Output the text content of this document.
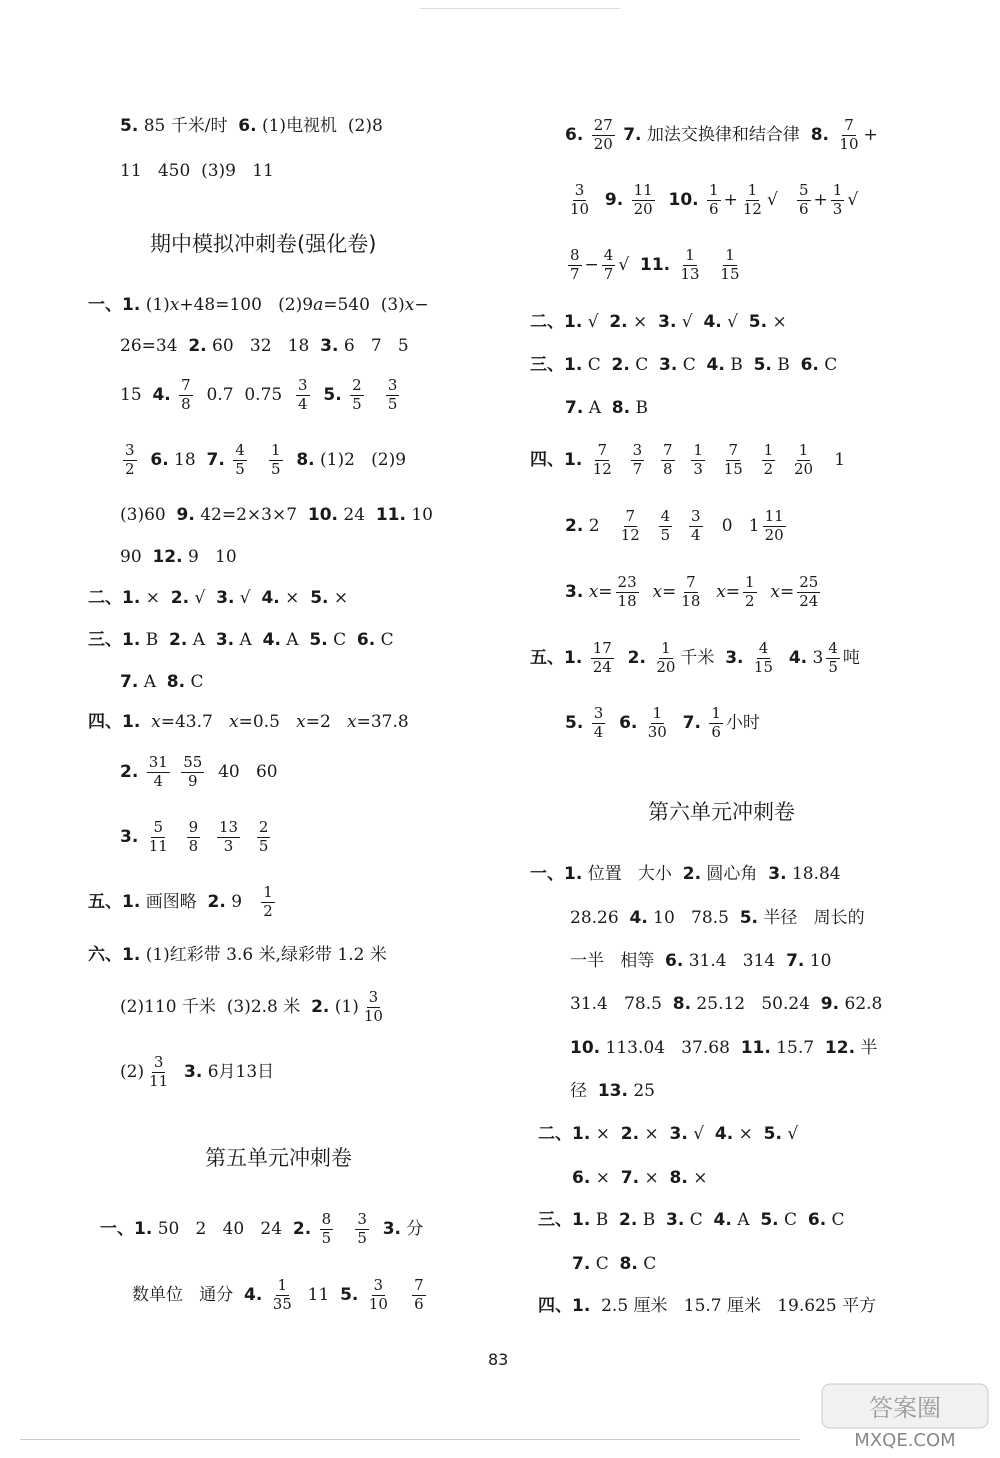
5. 85 千米/时  6. (1)电视机  (2)8
11   450  (3)9   11
期中模拟冲刺卷(强化卷)
一、1. (1)x+48=100   (2)9a=540  (3)x−
26=34  2. 60   32   18  3. 6   7   5
15  4. $\frac{7}{8} 0.7$  $0.75 \frac{3}{4} 5$. $\frac{2}{5}$
$\frac{3}{5}$
$\frac{3}{2} 6$. 18  7. $\frac{4}{5}$
$\frac{1}{5} 8$. (1)2   (2)9
(3)60  9. 42=2×3×7  10. 24  11. 10
90  12. 9   10
二、1. ×  2. √  3. √  4. ×  5. ×
三、1. B  2. A  3. A  4. A  5. C  6. C
7. A  8. C
四、1. x=43.7   x=0.5   x=2   x=37.8
2. $\frac{31}{4}$
$\frac{55}{9} 40$   60
3. $\frac{5}{11}$
$\frac{9}{8}$
$\frac{13}{3}$
$\frac{2}{5}$
五、1. 画图略  2. $9 \frac{1}{2}$
六、1. (1)红彩带 3.6 米,绿彩带 1.2 米
(2)110 千米  (3)2.8 米  2. $(1) \frac{3}{10}$
$(2) \frac{3}{11} 3$. 6月13日
第五单元冲刺卷
一、1. 50   2   40   24  2. $\frac{8}{5}$
$\frac{3}{5} 3$. 分
数单位   通分  4. $\frac{1}{35} 11$  5. $\frac{3}{10}$
$\frac{7}{6}$
6. $\frac{27}{20} 7$. 加法交换律和结合律  8. $\frac{7}{10}$ +
$\frac{3}{10} 9$. $\frac{11}{20} 10$. $\frac{1}{6} + \frac{1}{12}$ √ $\frac{5}{6} + \frac{1}{3}$ √
$\frac{8}{7} - \frac{4}{7}$ √  11. $\frac{1}{13}$
$\frac{1}{15}$
二、1. √  2. ×  3. √  4. √  5. ×
三、1. C  2. C  3. C  4. B  5. B  6. C
7. A  8. B
四、1. $\frac{7}{12}$
$\frac{3}{7}$
$\frac{7}{8}$
$\frac{1}{3}$
$\frac{7}{15}$
$\frac{1}{2}$
$\frac{1}{20} 1$
2. $2 \frac{7}{12}$
$\frac{4}{5}$
$\frac{3}{4} 0$   $1 \frac{11}{20}$
3. $x= \frac{23}{18} x= \frac{7}{18} x= \frac{1}{2} x= \frac{25}{24}$
五、1. $\frac{17}{24} 2$. $\frac{1}{20}$ 千米  3. $\frac{4}{15} 4$. $3 \frac{4}{5}$ 吨
5. $\frac{3}{4} 6$. $\frac{1}{30} 7$. $\frac{1}{6}$ 小时
第六单元冲刺卷
一、1. 位置   大小  2. 圆心角  3. 18.84
28.26  4. 10   78.5  5. 半径   周长的
一半   相等  6. 31.4   314  7. 10
31.4   78.5  8. 25.12   50.24  9. 62.8
10. 113.04   37.68  11. 15.7  12. 半
径  13. 25
二、1. ×  2. ×  3. √  4. ×  5. √
6. ×  7. ×  8. ×
三、1. B  2. B  3. C  4. A  5. C  6. C
7. C  8. C
四、1.  2.5 厘米   15.7 厘米   19.625 平方
83
答案圈
MXQE.COM
